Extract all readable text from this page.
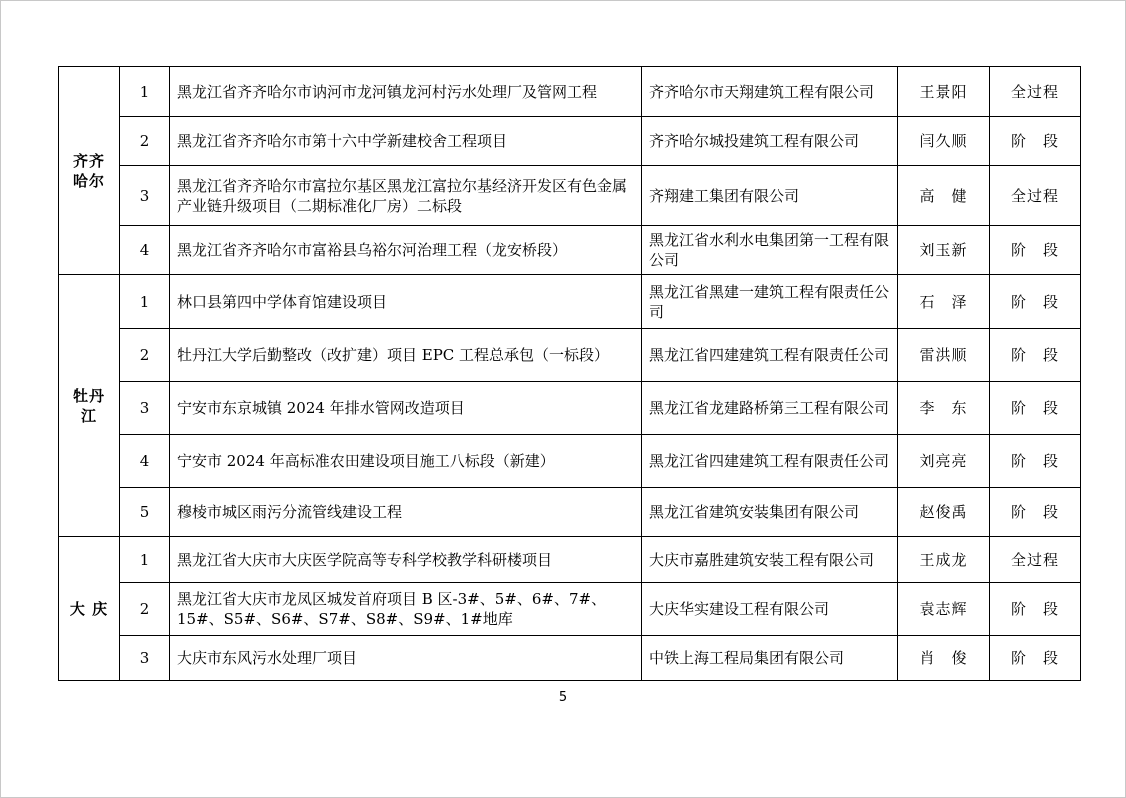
齐齐
哈尔	1	黑龙江省齐齐哈尔市讷河市龙河镇龙河村污水处理厂及管网工程	齐齐哈尔市天翔建筑工程有限公司	王景阳	全过程
	2	黑龙江省齐齐哈尔市第十六中学新建校舍工程项目	齐齐哈尔城投建筑工程有限公司	闫久顺	阶　段
	3	黑龙江省齐齐哈尔市富拉尔基区黑龙江富拉尔基经济开发区有色金属产业链升级项目（二期标准化厂房）二标段	齐翔建工集团有限公司	高　健	全过程
	4	黑龙江省齐齐哈尔市富裕县乌裕尔河治理工程（龙安桥段）	黑龙江省水利水电集团第一工程有限公司	刘玉新	阶　段
牡丹江	1	林口县第四中学体育馆建设项目	黑龙江省黑建一建筑工程有限责任公司	石　泽	阶　段
	2	牡丹江大学后勤整改（改扩建）项目 EPC 工程总承包（一标段）	黑龙江省四建建筑工程有限责任公司	雷洪顺	阶　段
	3	宁安市东京城镇 2024 年排水管网改造项目	黑龙江省龙建路桥第三工程有限公司	李　东	阶　段
	4	宁安市 2024 年高标准农田建设项目施工八标段（新建）	黑龙江省四建建筑工程有限责任公司	刘亮亮	阶　段
	5	穆棱市城区雨污分流管线建设工程	黑龙江省建筑安装集团有限公司	赵俊禹	阶　段
大 庆	1	黑龙江省大庆市大庆医学院高等专科学校教学科研楼项目	大庆市嘉胜建筑安装工程有限公司	王成龙	全过程
	2	黑龙江省大庆市龙凤区城发首府项目 B 区-3#、5#、6#、7#、15#、S5#、S6#、S7#、S8#、S9#、1#地库	大庆华实建设工程有限公司	袁志辉	阶　段
	3	大庆市东风污水处理厂项目	中铁上海工程局集团有限公司	肖　俊	阶　段
5
